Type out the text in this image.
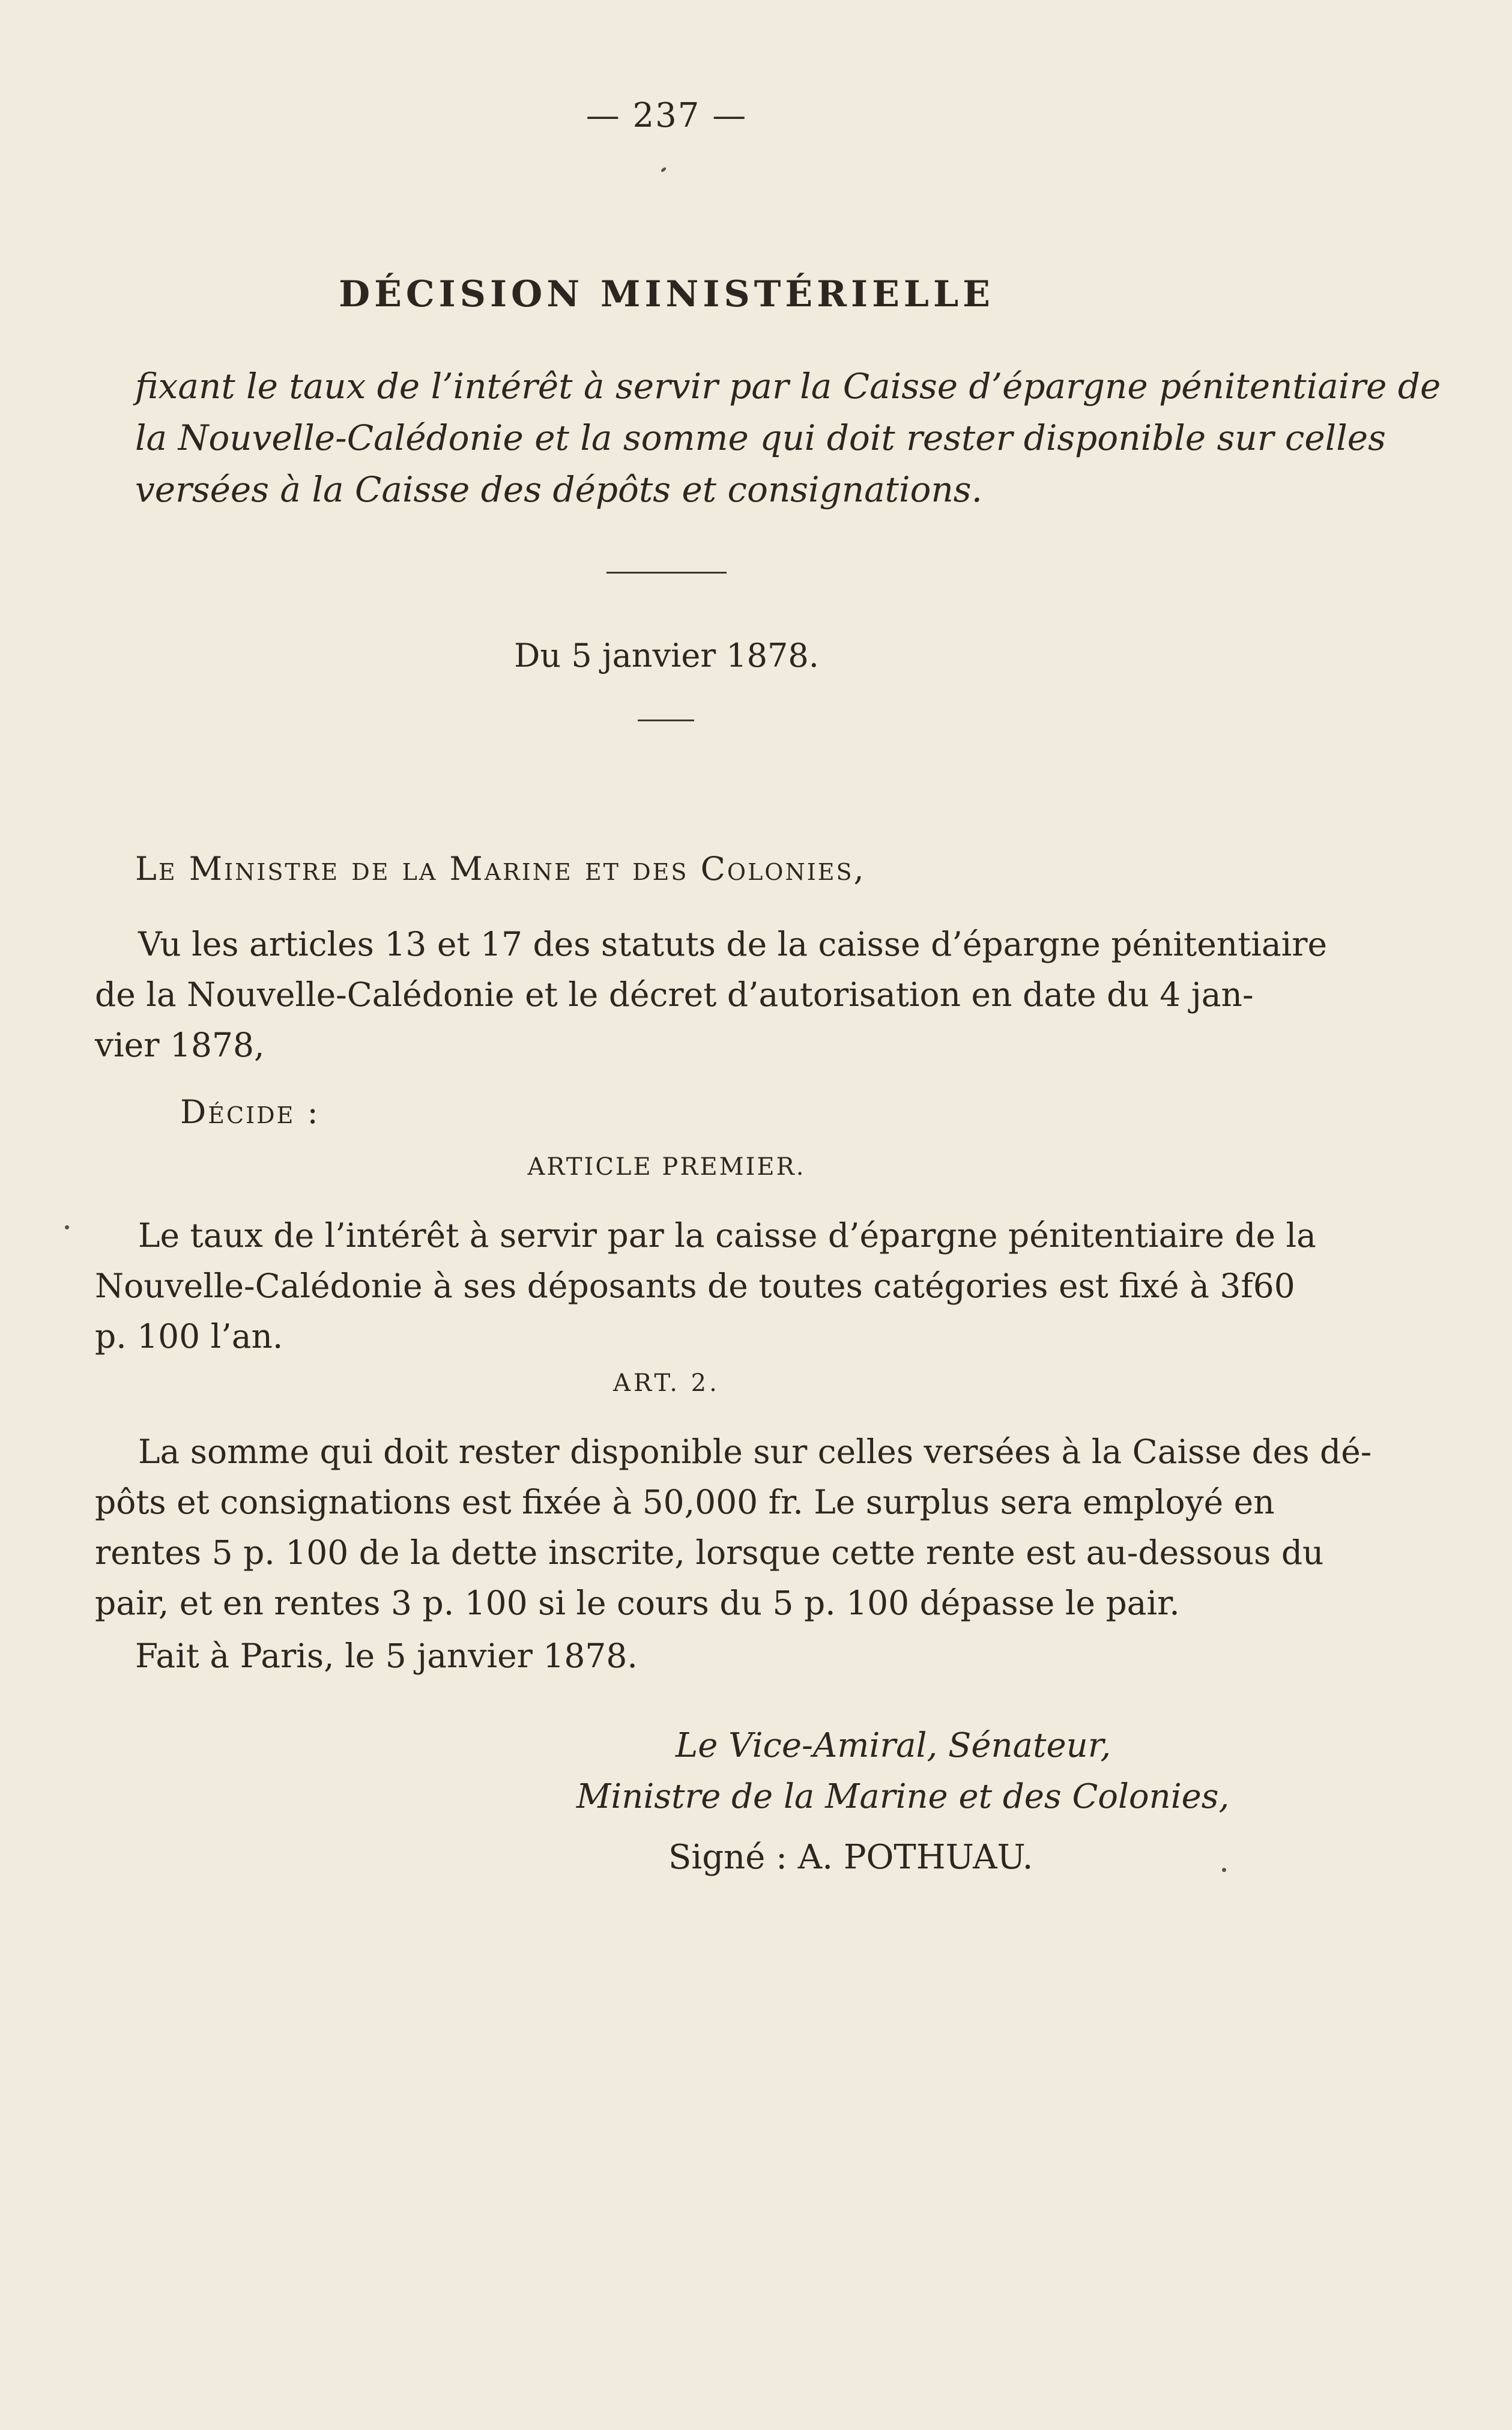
— 237 —
DÉCISION MINISTÉRIELLE
fixant le taux de l’intérêt à servir par la Caisse d’épargne pénitentiaire de
la Nouvelle-Calédonie et la somme qui doit rester disponible sur celles
versées à la Caisse des dépôts et consignations.
Du 5 janvier 1878.
Le Ministre de la Marine et des Colonies,
Vu les articles 13 et 17 des statuts de la caisse d’épargne pénitentiaire
de la Nouvelle-Calédonie et le décret d’autorisation en date du 4 jan-
vier 1878,
Décide :
ARTICLE PREMIER.
Le taux de l’intérêt à servir par la caisse d’épargne pénitentiaire de la
Nouvelle-Calédonie à ses déposants de toutes catégories est fixé à 3f60
p. 100 l’an.
ART. 2.
La somme qui doit rester disponible sur celles versées à la Caisse des dé-
pôts et consignations est fixée à 50,000 fr. Le surplus sera employé en
rentes 5 p. 100 de la dette inscrite, lorsque cette rente est au-dessous du
pair, et en rentes 3 p. 100 si le cours du 5 p. 100 dépasse le pair.
Fait à Paris, le 5 janvier 1878.
Le Vice-Amiral, Sénateur,
Ministre de la Marine et des Colonies,
Signé : A. POTHUAU.
